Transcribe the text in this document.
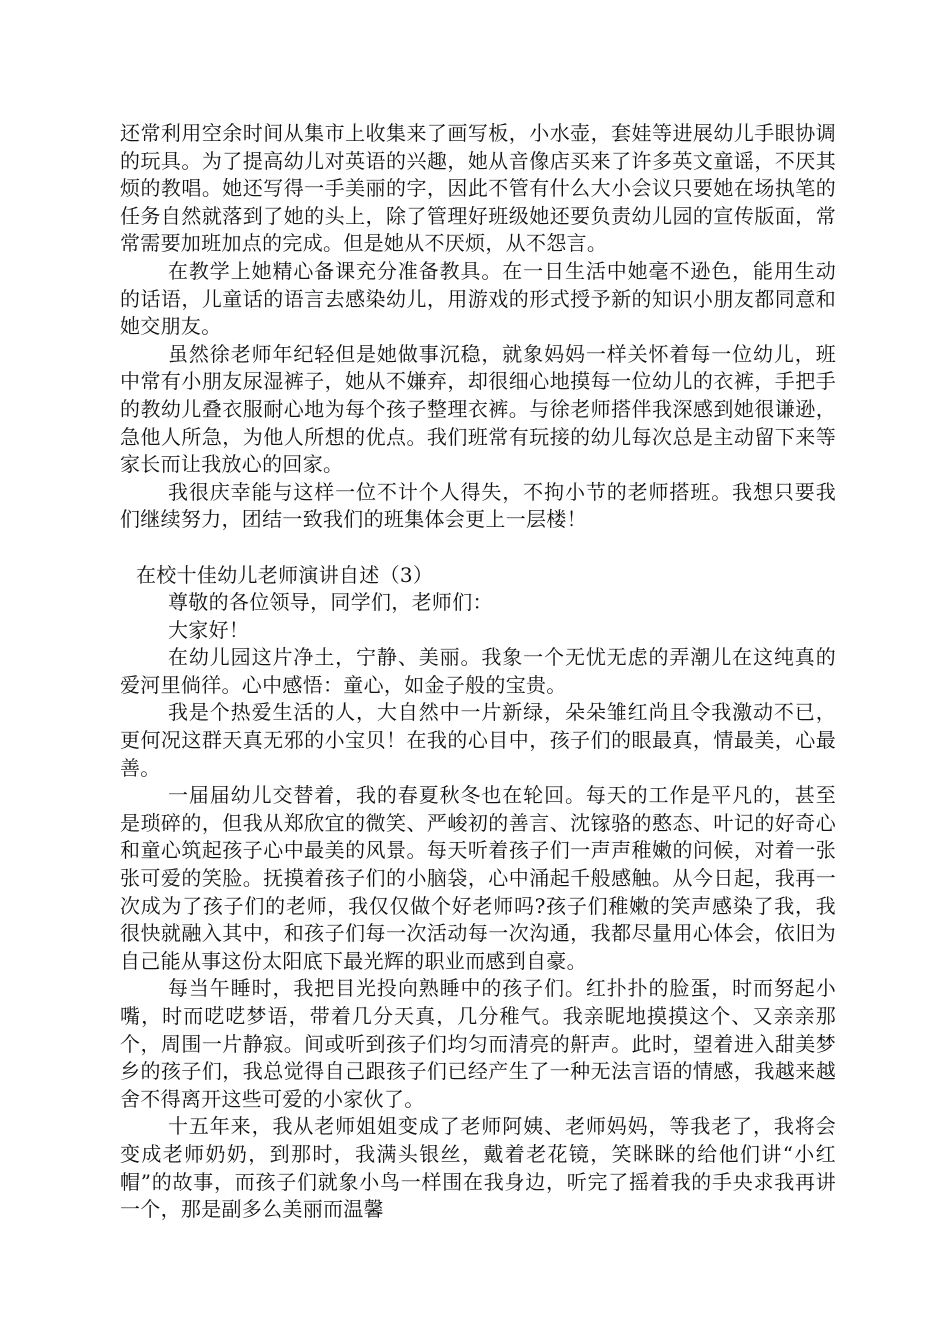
还常利用空余时间从集市上收集来了画写板，小水壶，套娃等进展幼儿手眼协调的玩具。为了提高幼儿对英语的兴趣，她从音像店买来了许多英文童谣，不厌其烦的教唱。她还写得一手美丽的字，因此不管有什么大小会议只要她在场执笔的任务自然就落到了她的头上，除了管理好班级她还要负责幼儿园的宣传版面，常常需要加班加点的完成。但是她从不厌烦，从不怨言。

在教学上她精心备课充分准备教具。在一日生活中她毫不逊色，能用生动的话语，儿童话的语言去感染幼儿，用游戏的形式授予新的知识小朋友都同意和她交朋友。

虽然徐老师年纪轻但是她做事沉稳，就象妈妈一样关怀着每一位幼儿，班中常有小朋友尿湿裤子，她从不嫌弃，却很细心地摸每一位幼儿的衣裤，手把手的教幼儿叠衣服耐心地为每个孩子整理衣裤。与徐老师搭伴我深感到她很谦逊，急他人所急，为他人所想的优点。我们班常有玩接的幼儿每次总是主动留下来等家长而让我放心的回家。

我很庆幸能与这样一位不计个人得失，不拘小节的老师搭班。我想只要我们继续努力，团结一致我们的班集体会更上一层楼！

在校十佳幼儿老师演讲自述（3）

尊敬的各位领导，同学们，老师们：

大家好！

在幼儿园这片净土，宁静、美丽。我象一个无忧无虑的弄潮儿在这纯真的爱河里倘徉。心中感悟：童心，如金子般的宝贵。

我是个热爱生活的人，大自然中一片新绿，朵朵雏红尚且令我激动不已，更何况这群天真无邪的小宝贝！在我的心目中，孩子们的眼最真，情最美，心最善。

一届届幼儿交替着，我的春夏秋冬也在轮回。每天的工作是平凡的，甚至是琐碎的，但我从郑欣宜的微笑、严峻初的善言、沈镓骆的憨态、叶记的好奇心和童心筑起孩子心中最美的风景。每天听着孩子们一声声稚嫩的问候，对着一张张可爱的笑脸。抚摸着孩子们的小脑袋，心中涌起千般感触。从今日起，我再一次成为了孩子们的老师，我仅仅做个好老师吗?孩子们稚嫩的笑声感染了我，我很快就融入其中，和孩子们每一次活动每一次沟通，我都尽量用心体会，依旧为自己能从事这份太阳底下最光辉的职业而感到自豪。

每当午睡时，我把目光投向熟睡中的孩子们。红扑扑的脸蛋，时而努起小嘴，时而呓呓梦语，带着几分天真，几分稚气。我亲昵地摸摸这个、又亲亲那个，周围一片静寂。间或听到孩子们均匀而清亮的鼾声。此时，望着进入甜美梦乡的孩子们，我总觉得自己跟孩子们已经产生了一种无法言语的情感，我越来越舍不得离开这些可爱的小家伙了。

十五年来，我从老师姐姐变成了老师阿姨、老师妈妈，等我老了，我将会变成老师奶奶，到那时，我满头银丝，戴着老花镜，笑眯眯的给他们讲“小红帽”的故事，而孩子们就象小鸟一样围在我身边，听完了摇着我的手央求我再讲一个，那是副多么美丽而温馨
